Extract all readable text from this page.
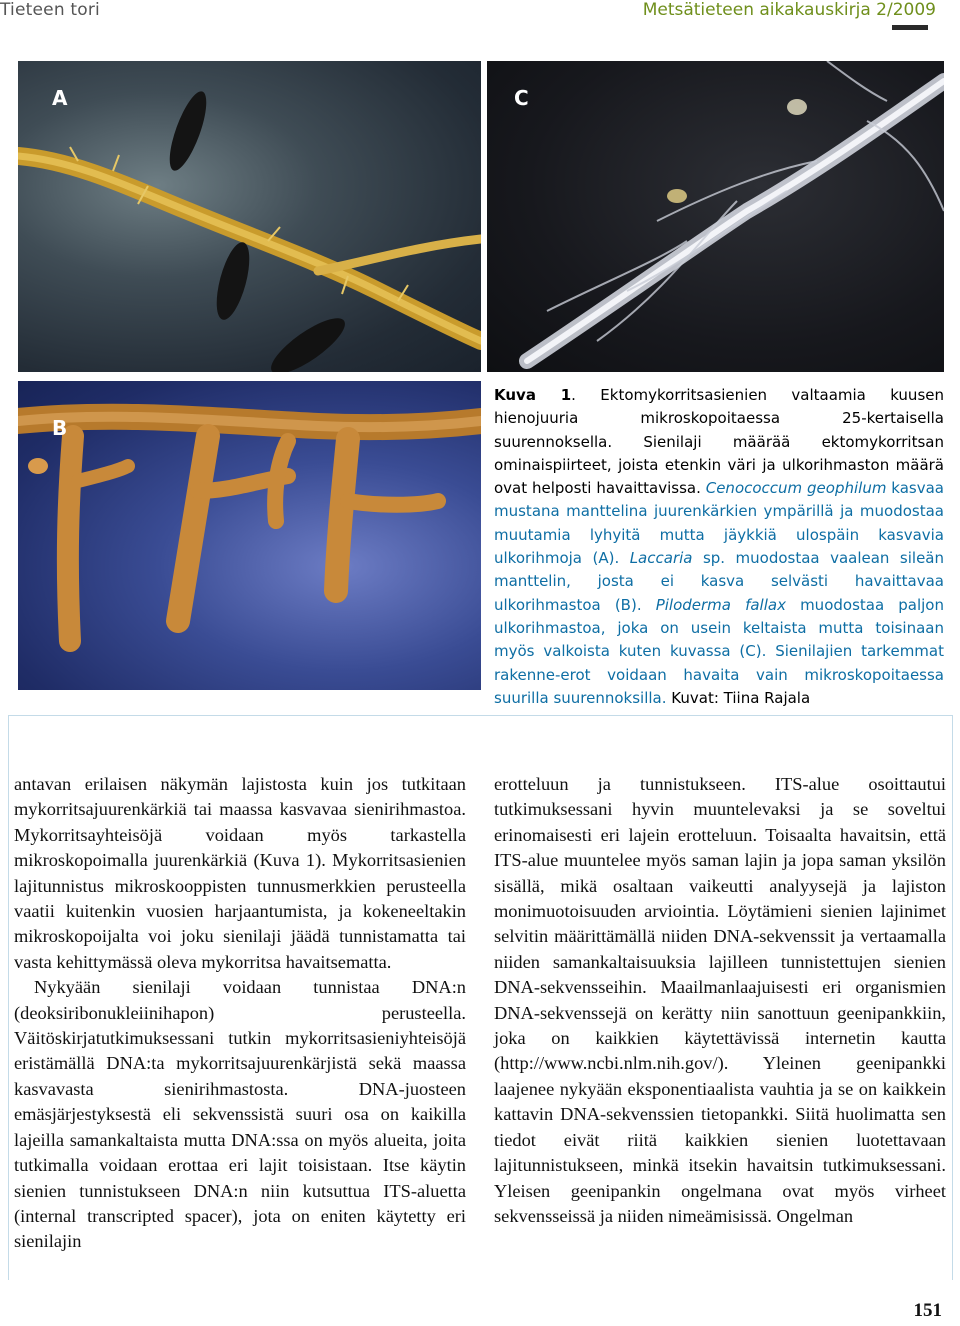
Tieteen tori	Metsätieteen aikakauskirja 2/2009
A	C
B
Kuva 1. Ektomykorritsasienien valtaamia kuusen hienojuuria mikroskopoitaessa 25-kertaisella suurennoksella. Sienilaji määrää ektomykorritsan ominaispiirteet, joista etenkin väri ja ulkorihmaston määrä ovat helposti havaittavissa. Cenococcum geophilum kasvaa mustana manttelina juurenkärkien ympärillä ja muodostaa muutamia lyhyitä mutta jäykkiä ulospäin kasvavia ulkorihmoja (A). Laccaria sp. muodostaa vaalean sileän manttelin, josta ei kasva selvästi havaittavaa ulkorihmastoa (B). Piloderma fallax muodostaa paljon ulkorihmastoa, joka on usein keltaista mutta toisinaan myös valkoista kuten kuvassa (C). Sienilajien tarkemmat rakenne-erot voidaan havaita vain mikroskopoitaessa suurilla suurennoksilla. Kuvat: Tiina Rajala

antavan erilaisen näkymän lajistosta kuin jos tutkitaan mykorritsajuurenkärkiä tai maassa kasvavaa sienirihmastoa. Mykorritsayhteisöjä voidaan myös tarkastella mikroskopoimalla juurenkärkiä (Kuva 1). Mykorritsasienien lajitunnistus mikroskooppisten tunnusmerkkien perusteella vaatii kuitenkin vuosien harjaantumista, ja kokeneeltakin mikroskopoijalta voi joku sienilaji jäädä tunnistamatta tai vasta kehittymässä oleva mykorritsa havaitsematta.

Nykyään sienilaji voidaan tunnistaa DNA:n (deoksiribonukleiinihapon) perusteella. Väitöskirjatutkimuksessani tutkin mykorritsasieniyhteisöjä eristämällä DNA:ta mykorritsajuurenkärjistä sekä maassa kasvavasta sienirihmastosta. DNA-juosteen emäsjärjestyksestä eli sekvenssistä suuri osa on kaikilla lajeilla samankaltaista mutta DNA:ssa on myös alueita, joita tutkimalla voidaan erottaa eri lajit toisistaan. Itse käytin sienien tunnistukseen DNA:n niin kutsuttua ITS-aluetta (internal transcripted spacer), jota on eniten käytetty eri sienilajin

erotteluun ja tunnistukseen. ITS-alue osoittautui tutkimuksessani hyvin muuntelevaksi ja se soveltui erinomaisesti eri lajein erotteluun. Toisaalta havaitsin, että ITS-alue muuntelee myös saman lajin ja jopa saman yksilön sisällä, mikä osaltaan vaikeutti analyysejä ja lajiston monimuotoisuuden arviointia. Löytämieni sienien lajinimet selvitin määrittämällä niiden DNA-sekvenssit ja vertaamalla niiden samankaltaisuuksia lajilleen tunnistettujen sienien DNA-sekvensseihin. Maailmanlaajuisesti eri organismien DNA-sekvenssejä on kerätty niin sanottuun geenipankkiin, joka on kaikkien käytettävissä internetin kautta (http://www.ncbi.nlm.nih.gov/). Yleinen geenipankki laajenee nykyään eksponentiaalista vauhtia ja se on kaikkein kattavin DNA-sekvenssien tietopankki. Siitä huolimatta sen tiedot eivät riitä kaikkien sienien luotettavaan lajitunnistukseen, minkä itsekin havaitsin tutkimuksessani. Yleisen geenipankin ongelmana ovat myös virheet sekvensseissä ja niiden nimeämisissä. Ongelman

151
